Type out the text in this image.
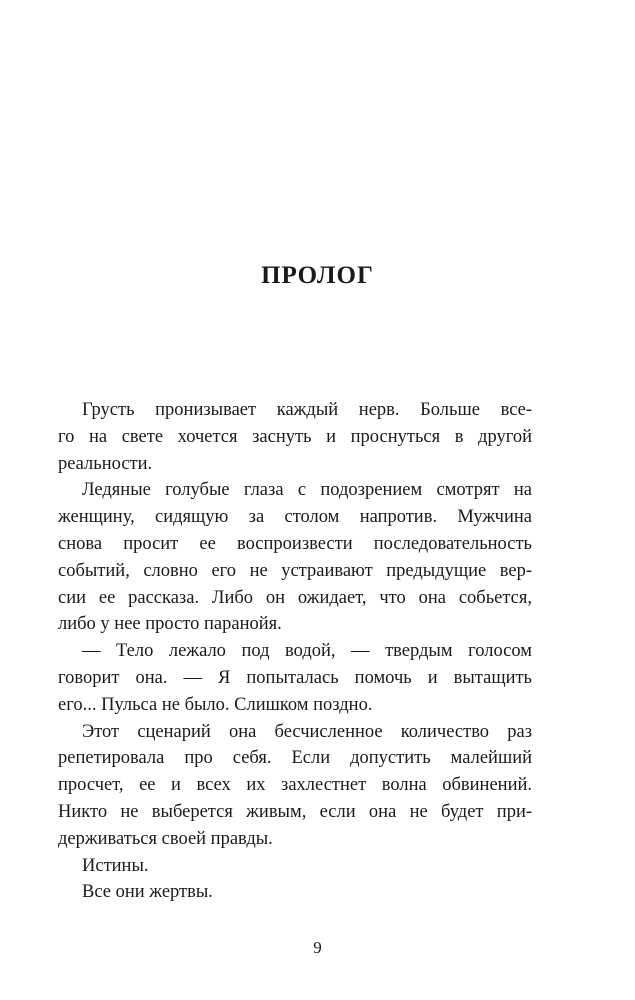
ПРОЛОГ
Грусть пронизывает каждый нерв. Больше все-
го на свете хочется заснуть и проснуться в другой
реальности.
Ледяные голубые глаза с подозрением смотрят на
женщину, сидящую за столом напротив. Мужчина
снова просит ее воспроизвести последовательность
событий, словно его не устраивают предыдущие вер-
сии ее рассказа. Либо он ожидает, что она собьется,
либо у нее просто паранойя.
— Тело лежало под водой, — твердым голосом
говорит она. — Я попыталась помочь и вытащить
его... Пульса не было. Слишком поздно.
Этот сценарий она бесчисленное количество раз
репетировала про себя. Если допустить малейший
просчет, ее и всех их захлестнет волна обвинений.
Никто не выберется живым, если она не будет при-
держиваться своей правды.
Истины.
Все они жертвы.
9
